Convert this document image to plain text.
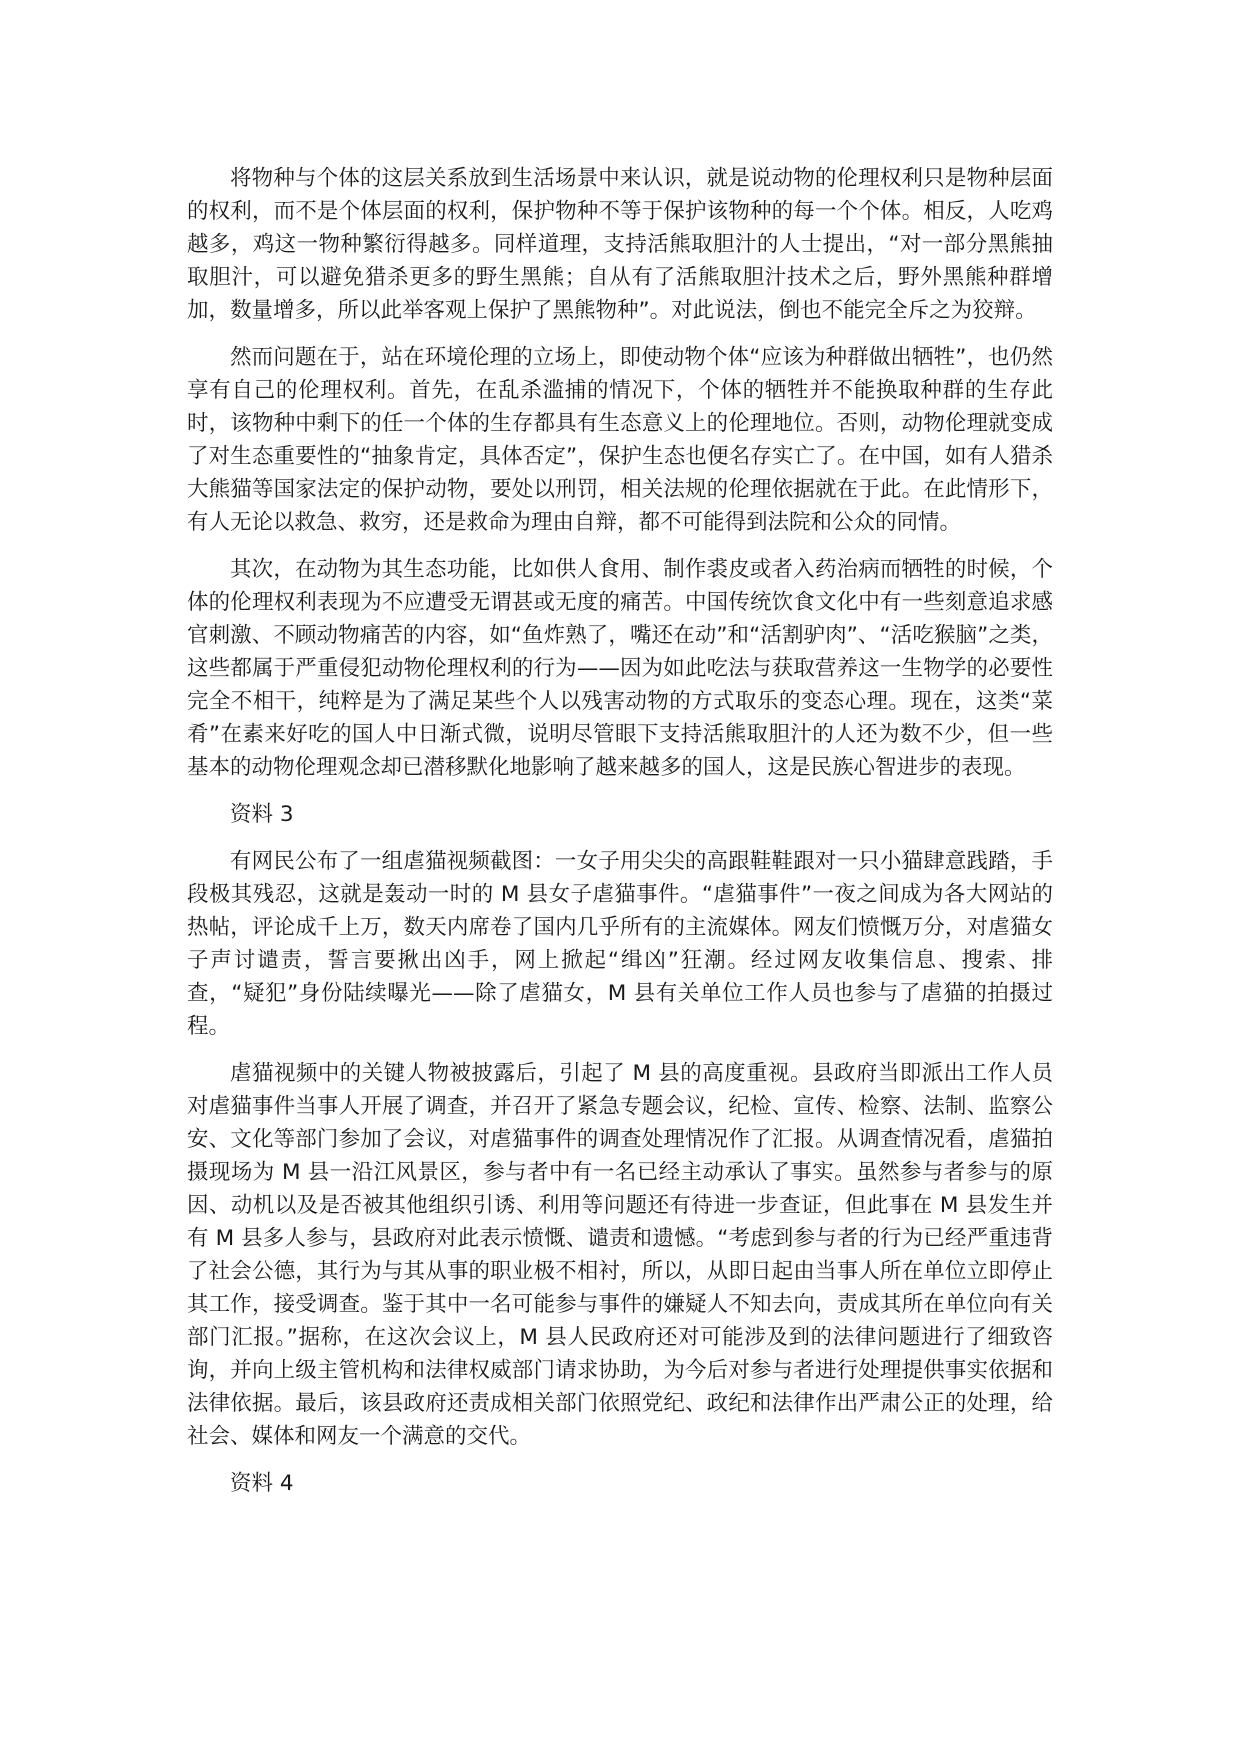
将物种与个体的这层关系放到生活场景中来认识，就是说动物的伦理权利只是物种层面的权利，而不是个体层面的权利，保护物种不等于保护该物种的每一个个体。相反，人吃鸡越多，鸡这一物种繁衍得越多。同样道理，支持活熊取胆汁的人士提出，“对一部分黑熊抽取胆汁，可以避免猎杀更多的野生黑熊；自从有了活熊取胆汁技术之后，野外黑熊种群增加，数量增多，所以此举客观上保护了黑熊物种”。对此说法，倒也不能完全斥之为狡辩。

然而问题在于，站在环境伦理的立场上，即使动物个体“应该为种群做出牺牲”，也仍然享有自己的伦理权利。首先，在乱杀滥捕的情况下，个体的牺牲并不能换取种群的生存此时，该物种中剩下的任一个体的生存都具有生态意义上的伦理地位。否则，动物伦理就变成了对生态重要性的“抽象肯定，具体否定”，保护生态也便名存实亡了。在中国，如有人猎杀大熊猫等国家法定的保护动物，要处以刑罚，相关法规的伦理依据就在于此。在此情形下，有人无论以救急、救穷，还是救命为理由自辩，都不可能得到法院和公众的同情。

其次，在动物为其生态功能，比如供人食用、制作裘皮或者入药治病而牺牲的时候，个体的伦理权利表现为不应遭受无谓甚或无度的痛苦。中国传统饮食文化中有一些刻意追求感官刺激、不顾动物痛苦的内容，如“鱼炸熟了，嘴还在动”和“活割驴肉”、“活吃猴脑”之类，这些都属于严重侵犯动物伦理权利的行为——因为如此吃法与获取营养这一生物学的必要性完全不相干，纯粹是为了满足某些个人以残害动物的方式取乐的变态心理。现在，这类“菜肴”在素来好吃的国人中日渐式微，说明尽管眼下支持活熊取胆汁的人还为数不少，但一些基本的动物伦理观念却已潜移默化地影响了越来越多的国人，这是民族心智进步的表现。

资料 3

有网民公布了一组虐猫视频截图：一女子用尖尖的高跟鞋鞋跟对一只小猫肆意践踏，手段极其残忍，这就是轰动一时的 M 县女子虐猫事件。“虐猫事件”一夜之间成为各大网站的热帖，评论成千上万，数天内席卷了国内几乎所有的主流媒体。网友们愤慨万分，对虐猫女子声讨谴责，誓言要揪出凶手，网上掀起“缉凶”狂潮。经过网友收集信息、搜索、排查，“疑犯”身份陆续曝光——除了虐猫女，M 县有关单位工作人员也参与了虐猫的拍摄过程。

虐猫视频中的关键人物被披露后，引起了 M 县的高度重视。县政府当即派出工作人员对虐猫事件当事人开展了调查，并召开了紧急专题会议，纪检、宣传、检察、法制、监察公安、文化等部门参加了会议，对虐猫事件的调查处理情况作了汇报。从调查情况看，虐猫拍摄现场为 M 县一沿江风景区，参与者中有一名已经主动承认了事实。虽然参与者参与的原因、动机以及是否被其他组织引诱、利用等问题还有待进一步查证，但此事在 M 县发生并有 M 县多人参与，县政府对此表示愤慨、谴责和遗憾。“考虑到参与者的行为已经严重违背了社会公德，其行为与其从事的职业极不相衬，所以，从即日起由当事人所在单位立即停止其工作，接受调查。鉴于其中一名可能参与事件的嫌疑人不知去向，责成其所在单位向有关部门汇报。”据称，在这次会议上，M 县人民政府还对可能涉及到的法律问题进行了细致咨询，并向上级主管机构和法律权威部门请求协助，为今后对参与者进行处理提供事实依据和法律依据。最后，该县政府还责成相关部门依照党纪、政纪和法律作出严肃公正的处理，给社会、媒体和网友一个满意的交代。

资料 4
